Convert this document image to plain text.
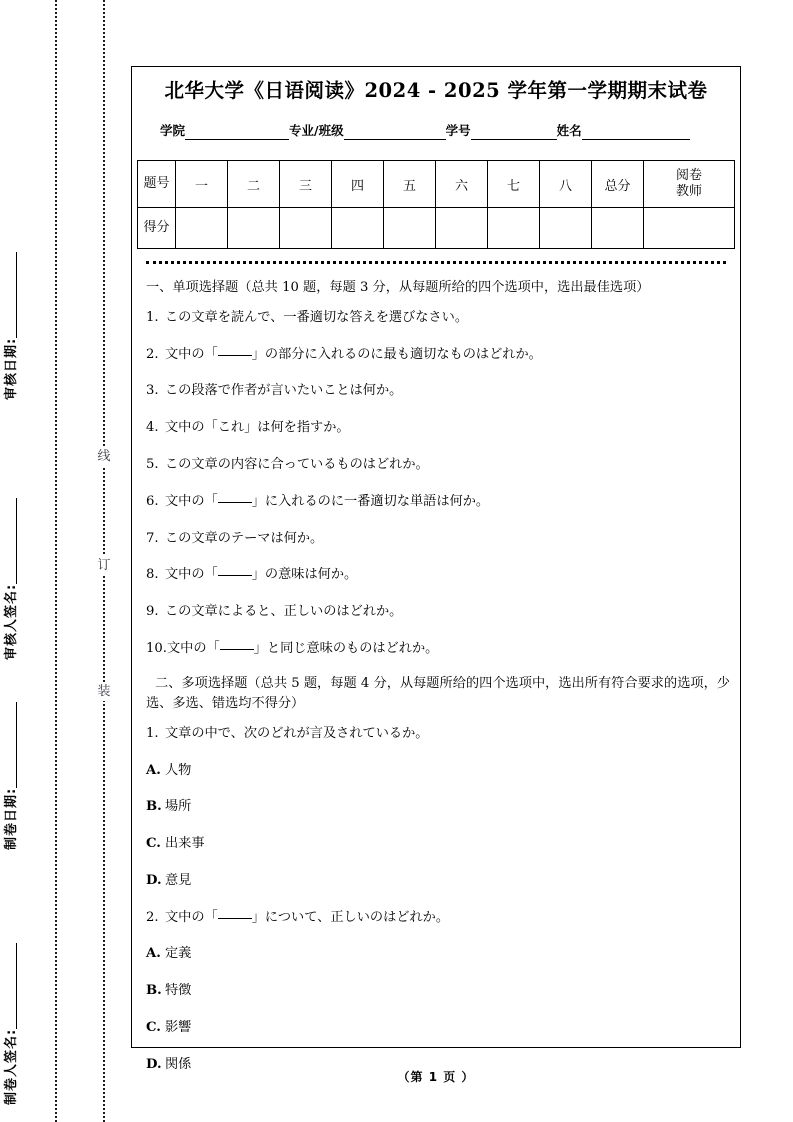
审核日期:
审核人签名:
制卷日期:
制卷人签名:
线
订
装
北华大学《日语阅读》2024 - 2025 学年第一学期期末试卷
学院	专业/班级	学号	姓名
题号	一	二	三	四	五	六	七	八	总分	阅卷
教师

得分										

一、单项选择题（总共 10 题，每题 3 分，从每题所给的四个选项中，选出最佳选项）
1. この文章を読んで、一番適切な答えを選びなさい。
2. 文中の「	」の部分に入れるのに最も適切なものはどれか。
3. この段落で作者が言いたいことは何か。
4. 文中の「これ」は何を指すか。
5. この文章の内容に合っているものはどれか。
6. 文中の「	」に入れるのに一番適切な単語は何か。
7. この文章のテーマは何か。
8. 文中の「	」の意味は何か。
9. この文章によると、正しいのはどれか。
10.文中の「	」と同じ意味のものはどれか。
二、多项选择题（总共 5 题，每题 4 分，从每题所给的四个选项中，选出所有符合要求的选项，少选、多选、错选均不得分）
1. 文章の中で、次のどれが言及されているか。
A. 人物
B. 場所
C. 出来事
D. 意見
2. 文中の「	」について、正しいのはどれか。
A. 定義
B. 特徴
C. 影響
D. 関係
（第 1 页 ）
